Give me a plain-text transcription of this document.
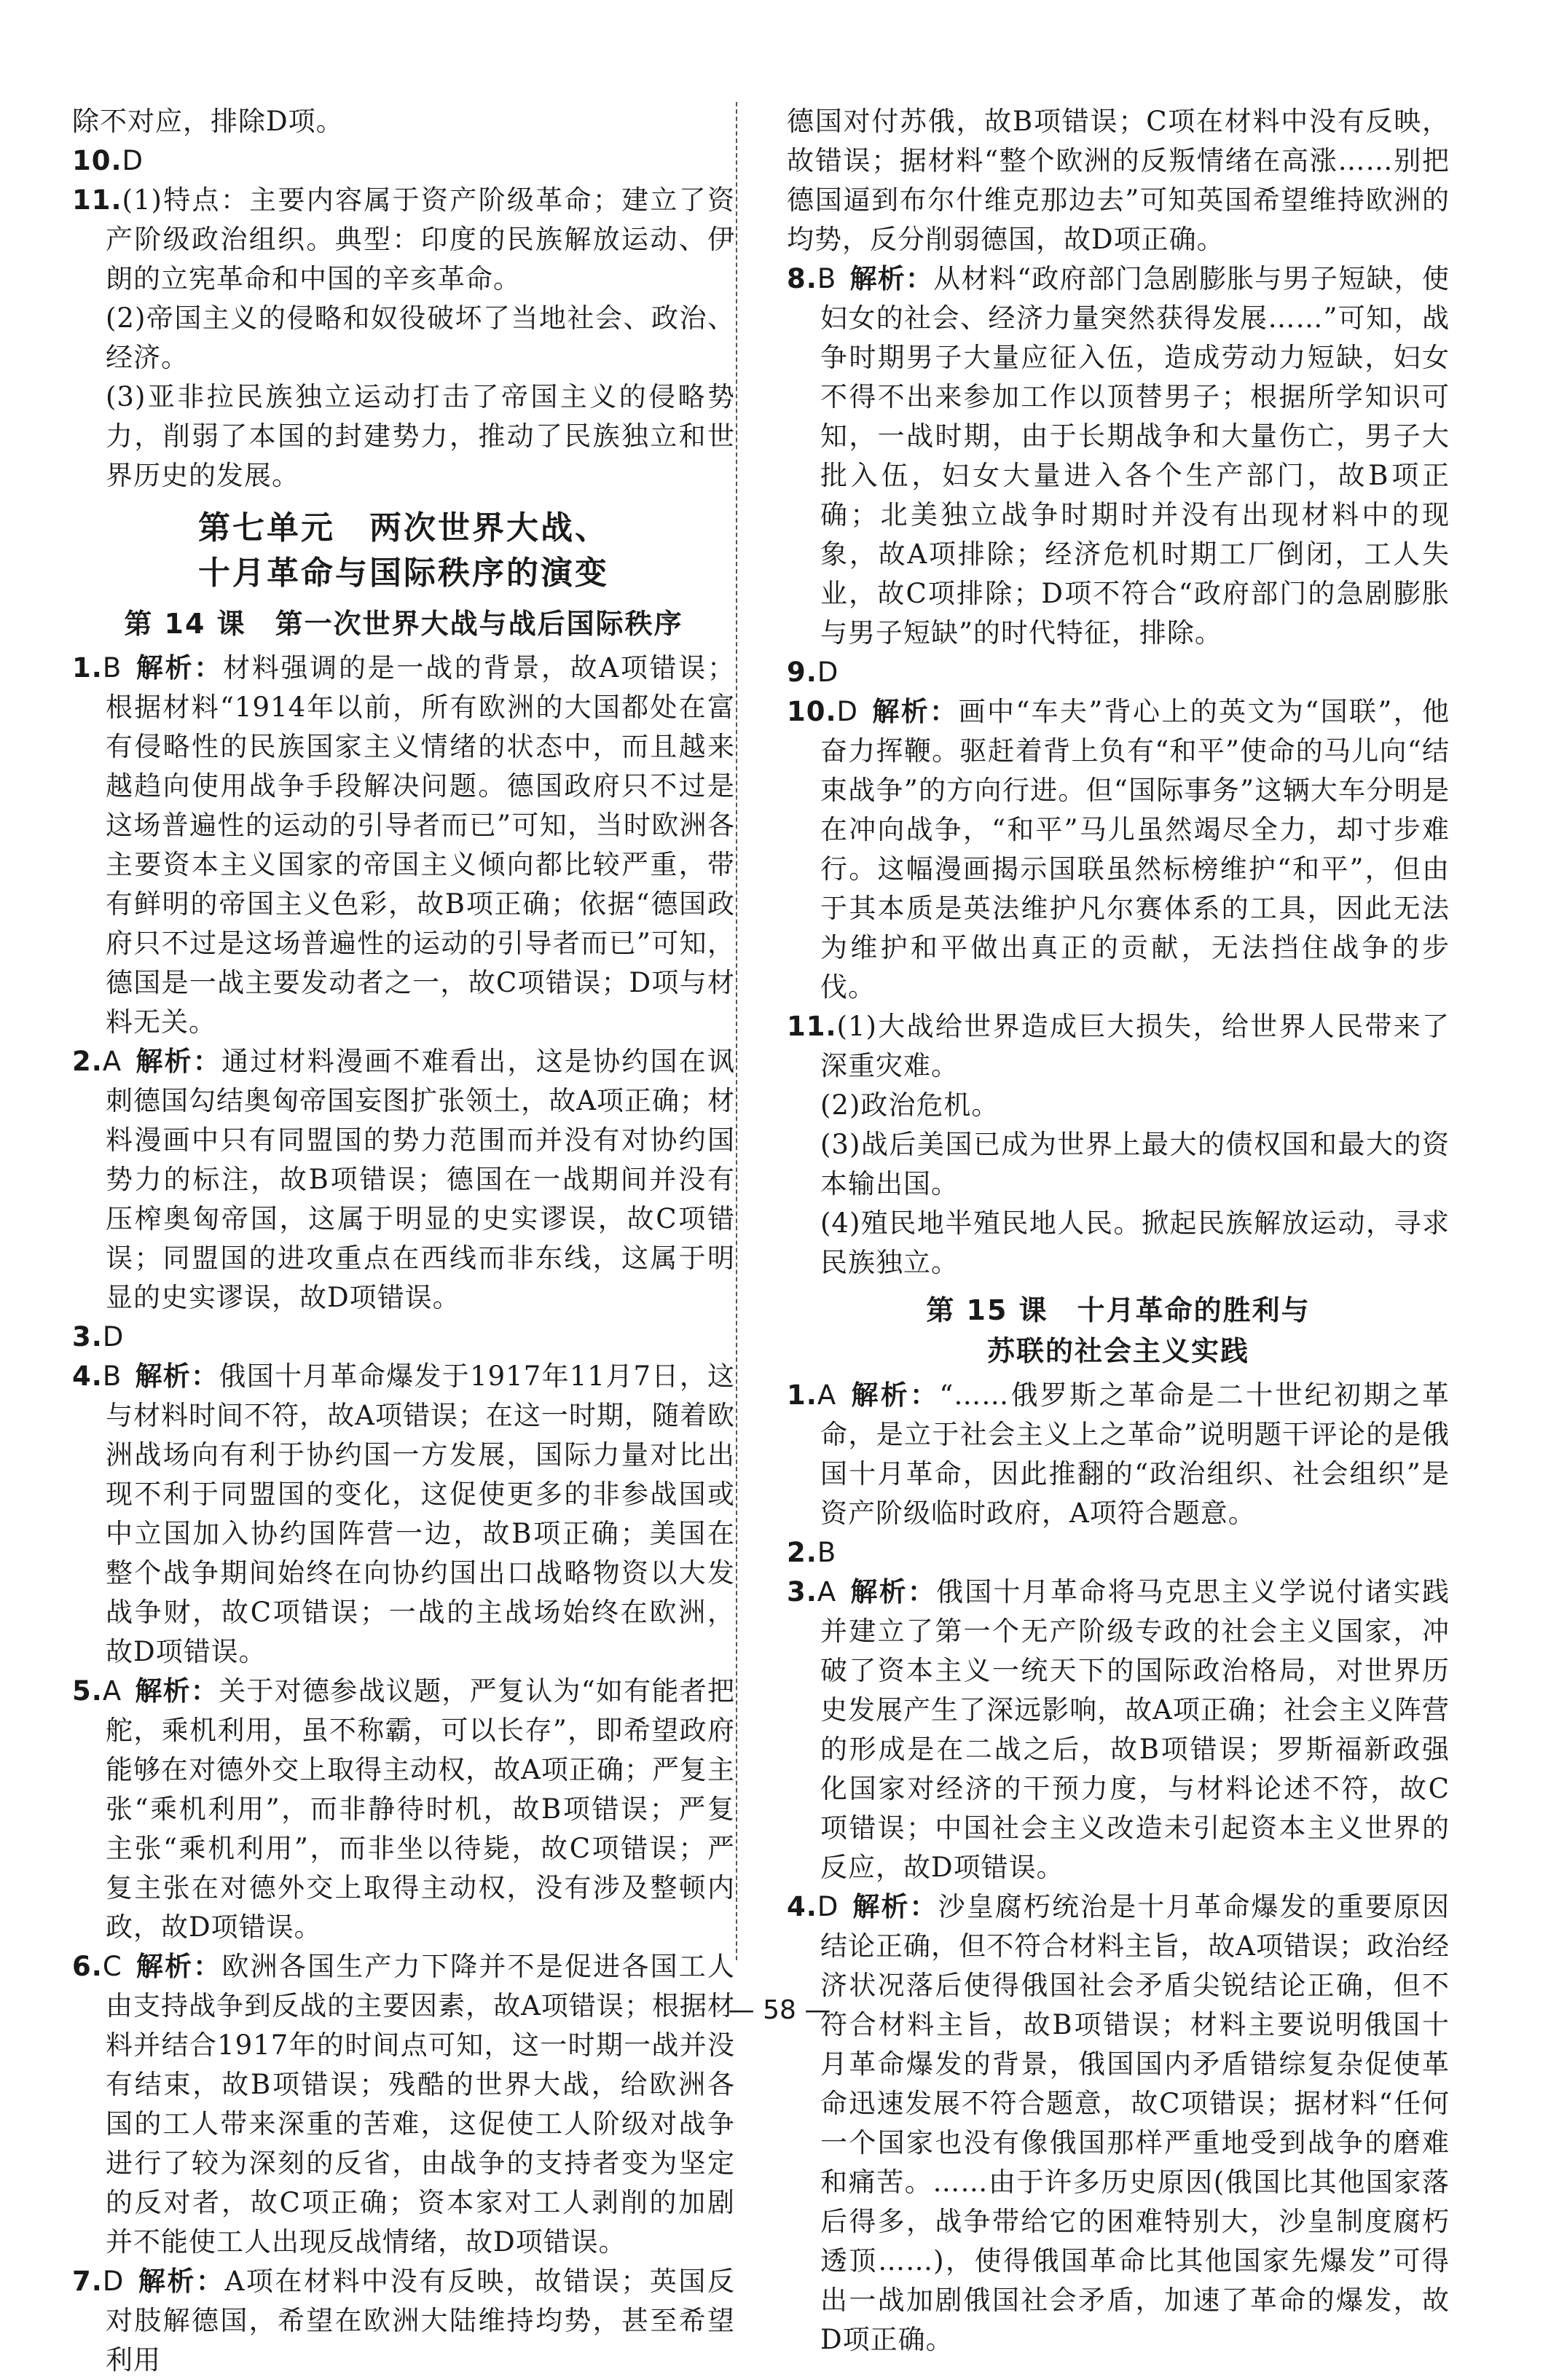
除不对应，排除D项。

10.D

11.(1)特点：主要内容属于资产阶级革命；建立了资产阶级政治组织。典型：印度的民族解放运动、伊朗的立宪革命和中国的辛亥革命。

(2)帝国主义的侵略和奴役破坏了当地社会、政治、经济。

(3)亚非拉民族独立运动打击了帝国主义的侵略势力，削弱了本国的封建势力，推动了民族独立和世界历史的发展。

第七单元　两次世界大战、
十月革命与国际秩序的演变
第 14 课　第一次世界大战与战后国际秩序

1.B 解析：材料强调的是一战的背景，故A项错误；根据材料“1914年以前，所有欧洲的大国都处在富有侵略性的民族国家主义情绪的状态中，而且越来越趋向使用战争手段解决问题。德国政府只不过是这场普遍性的运动的引导者而已”可知，当时欧洲各主要资本主义国家的帝国主义倾向都比较严重，带有鲜明的帝国主义色彩，故B项正确；依据“德国政府只不过是这场普遍性的运动的引导者而已”可知，德国是一战主要发动者之一，故C项错误；D项与材料无关。

2.A 解析：通过材料漫画不难看出，这是协约国在讽刺德国勾结奥匈帝国妄图扩张领土，故A项正确；材料漫画中只有同盟国的势力范围而并没有对协约国势力的标注，故B项错误；德国在一战期间并没有压榨奥匈帝国，这属于明显的史实谬误，故C项错误；同盟国的进攻重点在西线而非东线，这属于明显的史实谬误，故D项错误。

3.D

4.B 解析：俄国十月革命爆发于1917年11月7日，这与材料时间不符，故A项错误；在这一时期，随着欧洲战场向有利于协约国一方发展，国际力量对比出现不利于同盟国的变化，这促使更多的非参战国或中立国加入协约国阵营一边，故B项正确；美国在整个战争期间始终在向协约国出口战略物资以大发战争财，故C项错误；一战的主战场始终在欧洲，故D项错误。

5.A 解析：关于对德参战议题，严复认为“如有能者把舵，乘机利用，虽不称霸，可以长存”，即希望政府能够在对德外交上取得主动权，故A项正确；严复主张“乘机利用”，而非静待时机，故B项错误；严复主张“乘机利用”，而非坐以待毙，故C项错误；严复主张在对德外交上取得主动权，没有涉及整顿内政，故D项错误。

6.C 解析：欧洲各国生产力下降并不是促进各国工人由支持战争到反战的主要因素，故A项错误；根据材料并结合1917年的时间点可知，这一时期一战并没有结束，故B项错误；残酷的世界大战，给欧洲各国的工人带来深重的苦难，这促使工人阶级对战争进行了较为深刻的反省，由战争的支持者变为坚定的反对者，故C项正确；资本家对工人剥削的加剧并不能使工人出现反战情绪，故D项错误。

7.D 解析：A项在材料中没有反映，故错误；英国反对肢解德国，希望在欧洲大陆维持均势，甚至希望利用

德国对付苏俄，故B项错误；C项在材料中没有反映，故错误；据材料“整个欧洲的反叛情绪在高涨……别把德国逼到布尔什维克那边去”可知英国希望维持欧洲的均势，反分削弱德国，故D项正确。

8.B 解析：从材料“政府部门急剧膨胀与男子短缺，使妇女的社会、经济力量突然获得发展……”可知，战争时期男子大量应征入伍，造成劳动力短缺，妇女不得不出来参加工作以顶替男子；根据所学知识可知，一战时期，由于长期战争和大量伤亡，男子大批入伍，妇女大量进入各个生产部门，故B项正确；北美独立战争时期时并没有出现材料中的现象，故A项排除；经济危机时期工厂倒闭，工人失业，故C项排除；D项不符合“政府部门的急剧膨胀与男子短缺”的时代特征，排除。

9.D

10.D 解析：画中“车夫”背心上的英文为“国联”，他奋力挥鞭。驱赶着背上负有“和平”使命的马儿向“结束战争”的方向行进。但“国际事务”这辆大车分明是在冲向战争，“和平”马儿虽然竭尽全力，却寸步难行。这幅漫画揭示国联虽然标榜维护“和平”，但由于其本质是英法维护凡尔赛体系的工具，因此无法为维护和平做出真正的贡献，无法挡住战争的步伐。

11.(1)大战给世界造成巨大损失，给世界人民带来了深重灾难。

(2)政治危机。

(3)战后美国已成为世界上最大的债权国和最大的资本输出国。

(4)殖民地半殖民地人民。掀起民族解放运动，寻求民族独立。

第 15 课　十月革命的胜利与
苏联的社会主义实践

1.A 解析：“……俄罗斯之革命是二十世纪初期之革命，是立于社会主义上之革命”说明题干评论的是俄国十月革命，因此推翻的“政治组织、社会组织”是资产阶级临时政府，A项符合题意。

2.B

3.A 解析：俄国十月革命将马克思主义学说付诸实践并建立了第一个无产阶级专政的社会主义国家，冲破了资本主义一统天下的国际政治格局，对世界历史发展产生了深远影响，故A项正确；社会主义阵营的形成是在二战之后，故B项错误；罗斯福新政强化国家对经济的干预力度，与材料论述不符，故C项错误；中国社会主义改造未引起资本主义世界的反应，故D项错误。

4.D 解析：沙皇腐朽统治是十月革命爆发的重要原因结论正确，但不符合材料主旨，故A项错误；政治经济状况落后使得俄国社会矛盾尖锐结论正确，但不符合材料主旨，故B项错误；材料主要说明俄国十月革命爆发的背景，俄国国内矛盾错综复杂促使革命迅速发展不符合题意，故C项错误；据材料“任何一个国家也没有像俄国那样严重地受到战争的磨难和痛苦。……由于许多历史原因(俄国比其他国家落后得多，战争带给它的困难特别大，沙皇制度腐朽透顶……)，使得俄国革命比其他国家先爆发”可得出一战加剧俄国社会矛盾，加速了革命的爆发，故D项正确。

— 58 —
